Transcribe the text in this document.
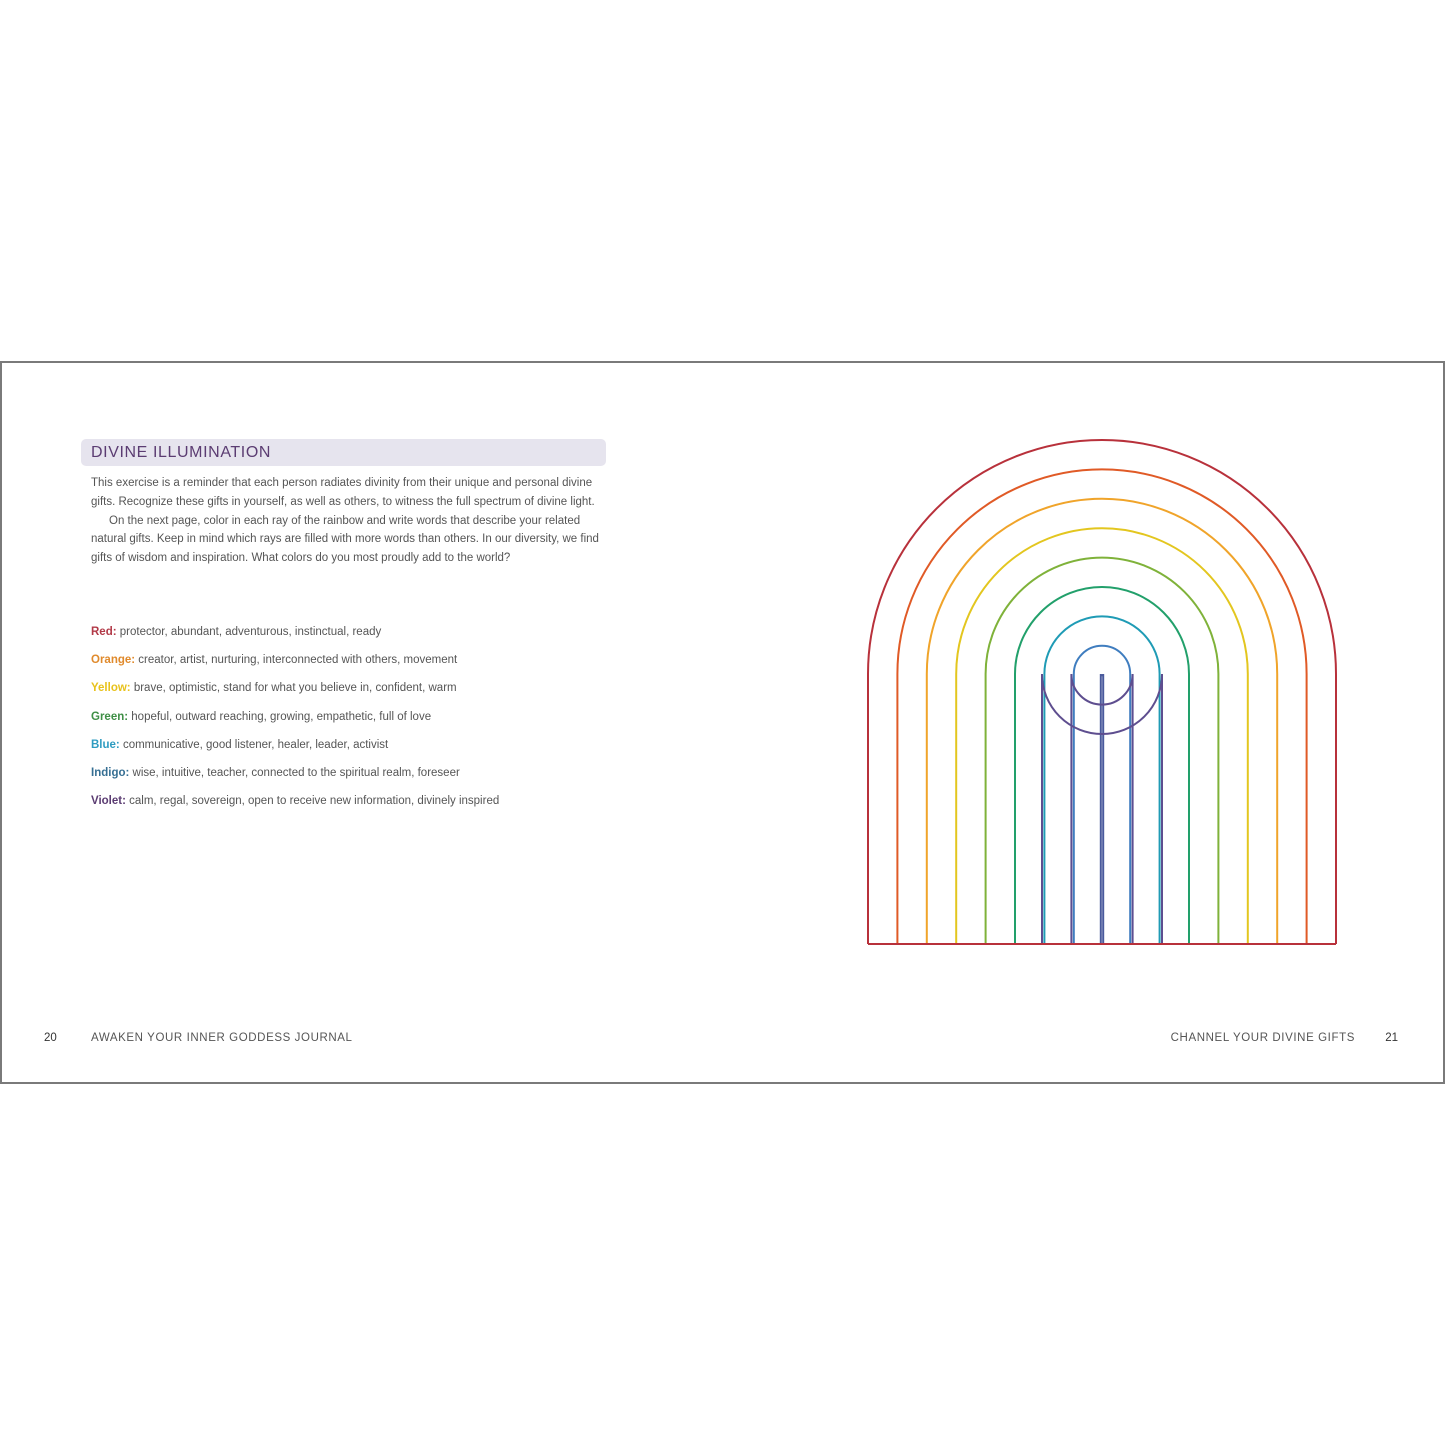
DIVINE ILLUMINATION

This exercise is a reminder that each person radiates divinity from their unique and personal divine gifts. Recognize these gifts in yourself, as well as others, to witness the full spectrum of divine light.

On the next page, color in each ray of the rainbow and write words that describe your related natural gifts. Keep in mind which rays are filled with more words than others. In our diversity, we find gifts of wisdom and inspiration. What colors do you most proudly add to the world?

Red: protector, abundant, adventurous, instinctual, ready
Orange: creator, artist, nurturing, interconnected with others, movement
Yellow: brave, optimistic, stand for what you believe in, confident, warm
Green: hopeful, outward reaching, growing, empathetic, full of love
Blue: communicative, good listener, healer, leader, activist
Indigo: wise, intuitive, teacher, connected to the spiritual realm, foreseer
Violet: calm, regal, sovereign, open to receive new information, divinely inspired
20	AWAKEN YOUR INNER GODDESS JOURNAL	CHANNEL YOUR DIVINE GIFTS	21
